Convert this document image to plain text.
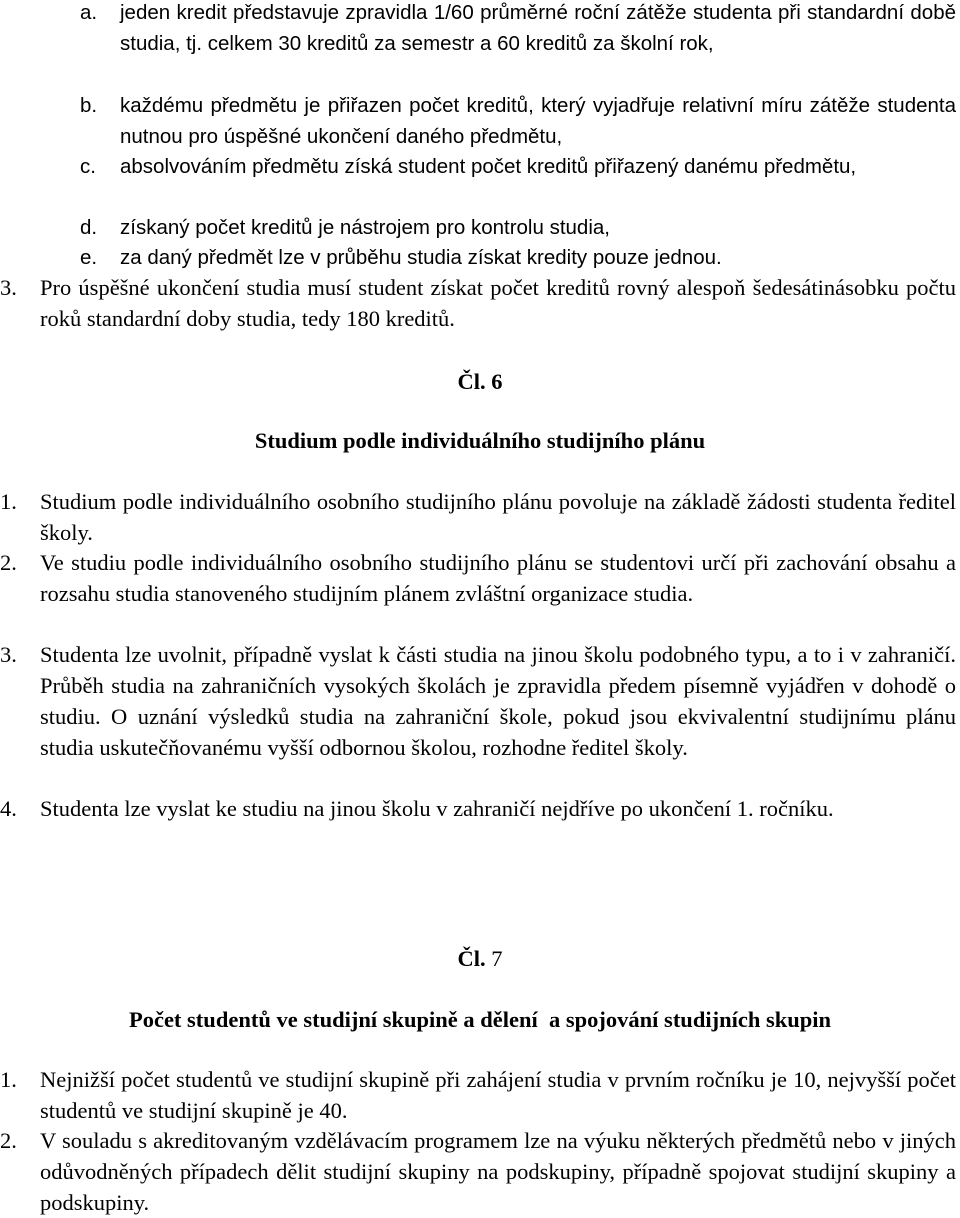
a. jeden kredit představuje zpravidla 1/60 průměrné roční zátěže studenta při standardní době studia, tj. celkem 30 kreditů za semestr a 60 kreditů za školní rok,
b. každému předmětu je přiřazen počet kreditů, který vyjadřuje relativní míru zátěže studenta nutnou pro úspěšné ukončení daného předmětu,
c. absolvováním předmětu získá student počet kreditů přiřazený danému předmětu,
d. získaný počet kreditů je nástrojem pro kontrolu studia,
e. za daný předmět lze v průběhu studia získat kredity pouze jednou.
3. Pro úspěšné ukončení studia musí student získat počet kreditů rovný alespoň šedesátinásobku počtu roků standardní doby studia, tedy 180 kreditů.
Čl. 6
Studium podle individuálního studijního plánu
1. Studium podle individuálního osobního studijního plánu povoluje na základě žádosti studenta ředitel školy.
2. Ve studiu podle individuálního osobního studijního plánu se studentovi určí při zachování obsahu a rozsahu studia stanoveného studijním plánem zvláštní organizace studia.
3. Studenta lze uvolnit, případně vyslat k části studia na jinou školu podobného typu, a to i v zahraničí. Průběh studia na zahraničních vysokých školách je zpravidla předem písemně vyjádřen v dohodě o studiu. O uznání výsledků studia na zahraniční škole, pokud jsou ekvivalentní studijnímu plánu studia uskutečňovanému vyšší odbornou školou, rozhodne ředitel školy.
4. Studenta lze vyslat ke studiu na jinou školu v zahraničí nejdříve po ukončení 1. ročníku.
Čl. 7
Počet studentů ve studijní skupině a dělení  a spojování studijních skupin
1. Nejnižší počet studentů ve studijní skupině při zahájení studia v prvním ročníku je 10, nejvyšší počet studentů ve studijní skupině je 40.
2. V souladu s akreditovaným vzdělávacím programem lze na výuku některých předmětů nebo v jiných odůvodněných případech dělit studijní skupiny na podskupiny, případně spojovat studijní skupiny a podskupiny.
